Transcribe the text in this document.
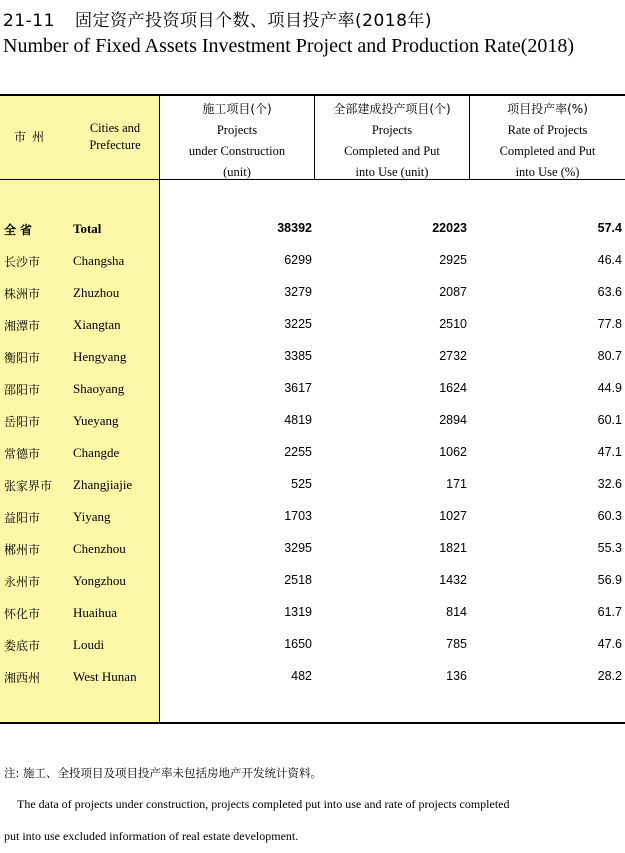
21-11 固定资产投资项目个数、项目投产率(2018年)
Number of Fixed Assets Investment Project and Production Rate(2018)
市州
Cities and
Prefecture
施工项目(个)
Projects
under Construction
(unit)
全部建成投产项目(个)
Projects
Completed and Put
into Use (unit)
项目投产率(%)
Rate of Projects
Completed and Put
into Use (%)
全省	Total	38392	22023	57.4
长沙市	Changsha	6299	2925	46.4
株洲市	Zhuzhou	3279	2087	63.6
湘潭市	Xiangtan	3225	2510	77.8
衡阳市	Hengyang	3385	2732	80.7
邵阳市	Shaoyang	3617	1624	44.9
岳阳市	Yueyang	4819	2894	60.1
常德市	Changde	2255	1062	47.1
张家界市 Zhangjiajie	525	171	32.6
益阳市	Yiyang	1703	1027	60.3
郴州市	Chenzhou	3295	1821	55.3
永州市	Yongzhou	2518	1432	56.9
怀化市	Huaihua	1319	814	61.7
娄底市	Loudi	1650	785	47.6
湘西州	West Hunan	482	136	28.2
注: 施工、全投项目及项目投产率未包括房地产开发统计资料。
The data of projects under construction, projects completed put into use and rate of projects completed
put into use excluded information of real estate development.
